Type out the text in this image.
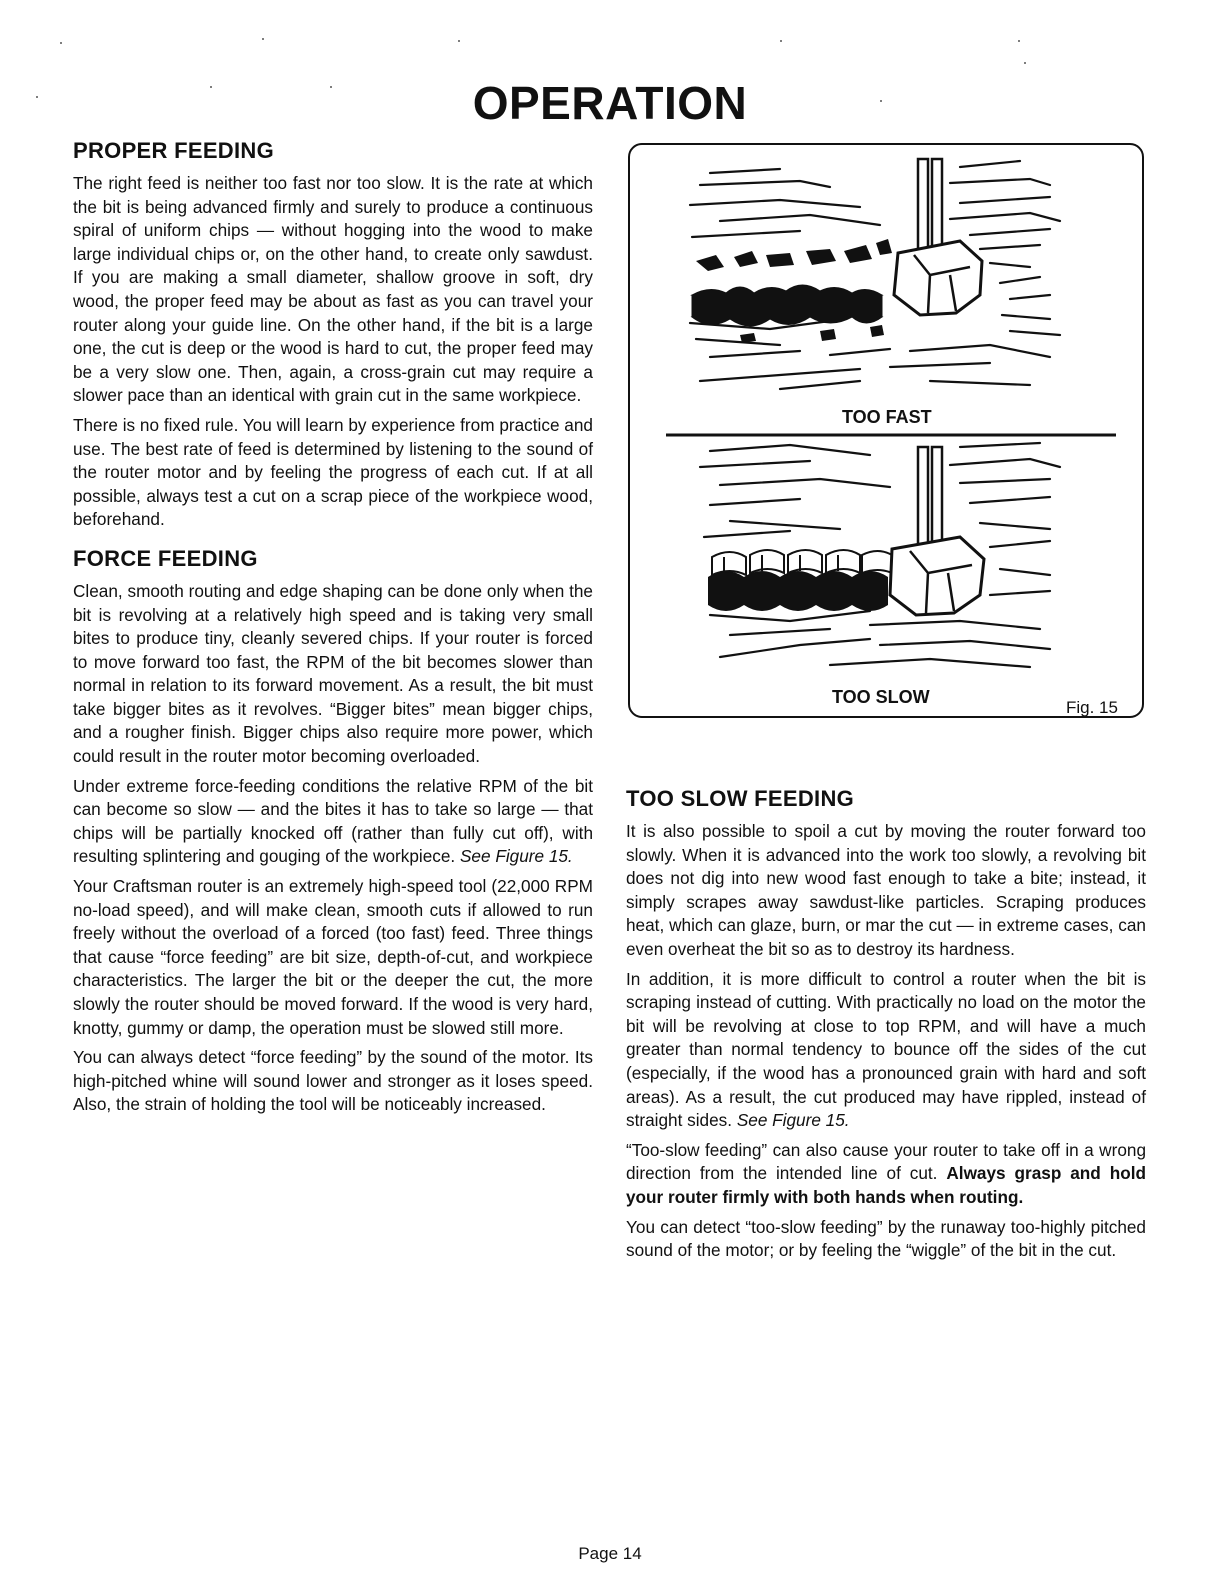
OPERATION
PROPER FEEDING

The right feed is neither too fast nor too slow. It is the rate at which the bit is being advanced firmly and surely to produce a continuous spiral of uniform chips — without hogging into the wood to make large individual chips or, on the other hand, to create only sawdust. If you are making a small diameter, shallow groove in soft, dry wood, the proper feed may be about as fast as you can travel your router along your guide line. On the other hand, if the bit is a large one, the cut is deep or the wood is hard to cut, the proper feed may be a very slow one. Then, again, a cross-grain cut may require a slower pace than an identical with grain cut in the same workpiece.

There is no fixed rule. You will learn by experience from practice and use. The best rate of feed is determined by listening to the sound of the router motor and by feeling the progress of each cut. If at all possible, always test a cut on a scrap piece of the workpiece wood, beforehand.

FORCE FEEDING

Clean, smooth routing and edge shaping can be done only when the bit is revolving at a relatively high speed and is taking very small bites to produce tiny, cleanly severed chips. If your router is forced to move forward too fast, the RPM of the bit becomes slower than normal in relation to its forward movement. As a result, the bit must take bigger bites as it revolves. “Bigger bites” mean bigger chips, and a rougher finish. Bigger chips also require more power, which could result in the router motor becoming overloaded.

Under extreme force-feeding conditions the relative RPM of the bit can become so slow — and the bites it has to take so large — that chips will be partially knocked off (rather than fully cut off), with resulting splintering and gouging of the workpiece. See Figure 15.

Your Craftsman router is an extremely high-speed tool (22,000 RPM no-load speed), and will make clean, smooth cuts if allowed to run freely without the overload of a forced (too fast) feed. Three things that cause “force feeding” are bit size, depth-of-cut, and workpiece characteristics. The larger the bit or the deeper the cut, the more slowly the router should be moved forward. If the wood is very hard, knotty, gummy or damp, the operation must be slowed still more.

You can always detect “force feeding” by the sound of the motor. Its high-pitched whine will sound lower and stronger as it loses speed. Also, the strain of holding the tool will be noticeably increased.

TOO FAST
TOO SLOW
Fig. 15
TOO SLOW FEEDING

It is also possible to spoil a cut by moving the router forward too slowly. When it is advanced into the work too slowly, a revolving bit does not dig into new wood fast enough to take a bite; instead, it simply scrapes away sawdust-like particles. Scraping produces heat, which can glaze, burn, or mar the cut — in extreme cases, can even overheat the bit so as to destroy its hardness.

In addition, it is more difficult to control a router when the bit is scraping instead of cutting. With practically no load on the motor the bit will be revolving at close to top RPM, and will have a much greater than normal tendency to bounce off the sides of the cut (especially, if the wood has a pronounced grain with hard and soft areas). As a result, the cut produced may have rippled, instead of straight sides. See Figure 15.

“Too-slow feeding” can also cause your router to take off in a wrong direction from the intended line of cut. Always grasp and hold your router firmly with both hands when routing.

You can detect “too-slow feeding” by the runaway too-highly pitched sound of the motor; or by feeling the “wiggle” of the bit in the cut.

Page 14
